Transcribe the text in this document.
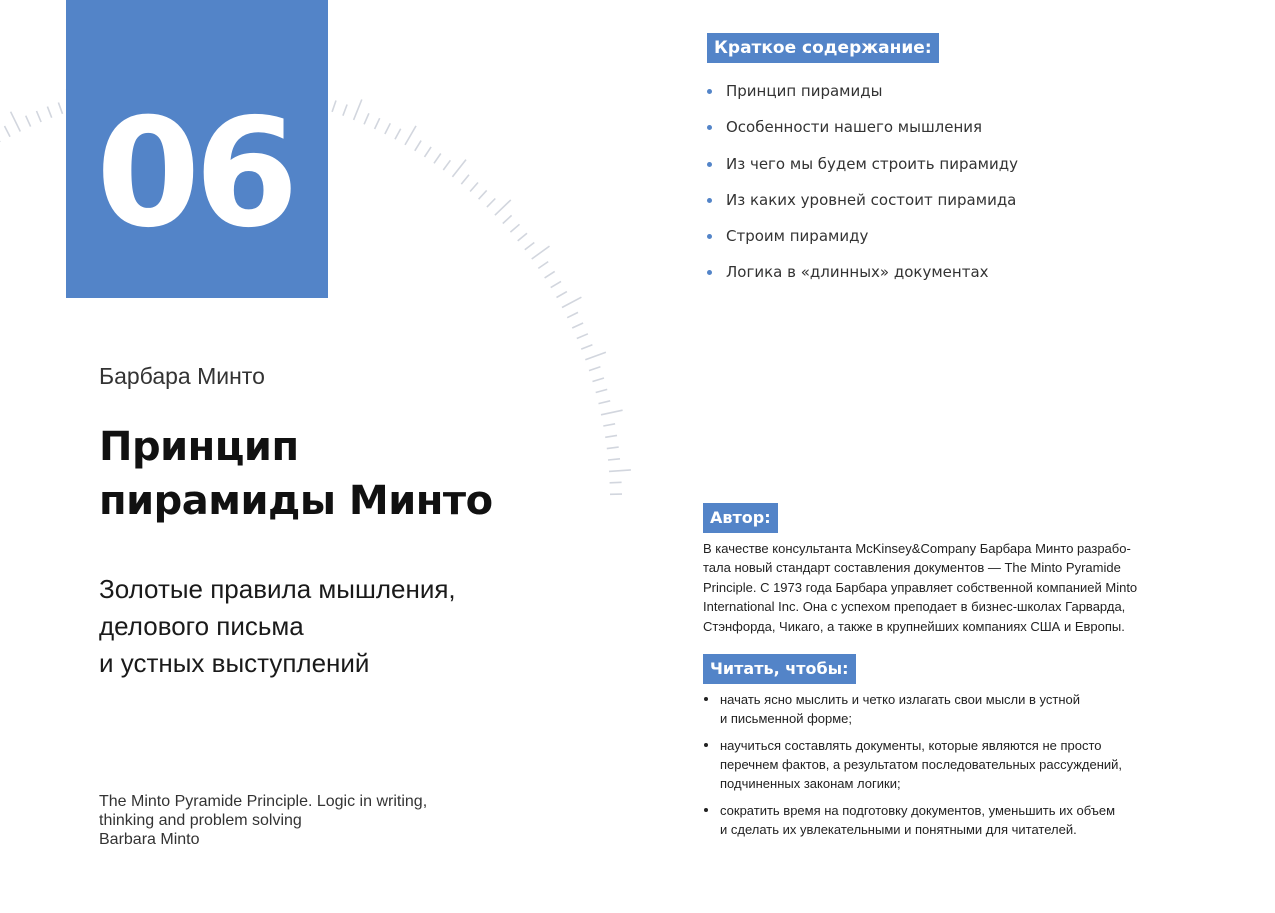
06
Краткое содержание:
Принцип пирамиды
Особенности нашего мышления
Из чего мы будем строить пирамиду
Из каких уровней состоит пирамида
Строим пирамиду
Логика в «длинных» документах
Барбара Минто
Принцип
пирамиды Минто
Золотые правила мышления,
делового письма
и устных выступлений
The Minto Pyramide Principle. Logic in writing,
thinking and problem solving
Barbara Minto
Автор:
В качестве консультанта McKinsey&Company Барбара Минто разрабо-
тала новый стандарт составления документов — The Minto Pyramide
Principle. С 1973 года Барбара управляет собственной компанией Minto
International Inc. Она с успехом преподает в бизнес-школах Гарварда,
Стэнфорда, Чикаго, а также в крупнейших компаниях США и Европы.
Читать, чтобы:
начать ясно мыслить и четко излагать свои мысли в устной
и письменной форме;
научиться составлять документы, которые являются не просто
перечнем фактов, а результатом последовательных рассуждений,
подчиненных законам логики;
сократить время на подготовку документов, уменьшить их объем
и сделать их увлекательными и понятными для читателей.
